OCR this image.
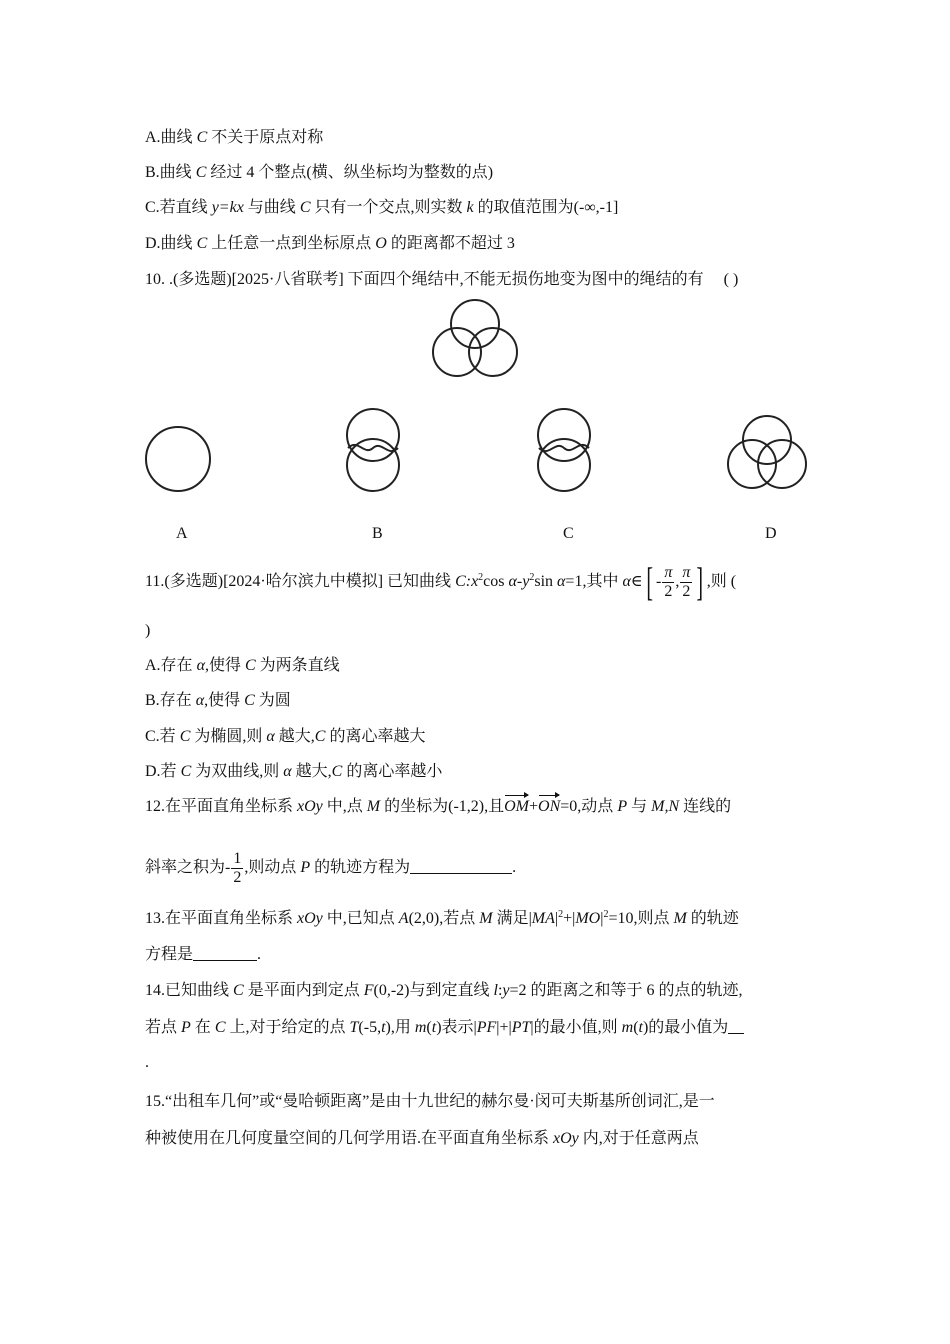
A.曲线 C 不关于原点对称
B.曲线 C 经过 4 个整点(横、纵坐标均为整数的点)
C.若直线 y=kx 与曲线 C 只有一个交点,则实数 k 的取值范围为(-∞,-1]
D.曲线 C 上任意一点到坐标原点 O 的距离都不超过 3
10. .(多选题)[2025·八省联考] 下面四个绳结中,不能无损伤地变为图中的绳结的有 ( )
A	B	C	D
11.(多选题)[2024·哈尔滨九中模拟] 已知曲线 $C:x^2\cos$ $\alpha-y^2\sin$ α=1,其中 α∈[ - $\frac{\pi}{2}$ , $\frac{\pi}{2}$ ] ,则 (
)
A.存在 α,使得 C 为两条直线
B.存在 α,使得 C 为圆
C.若 C 为椭圆,则 α 越大,C 的离心率越大
D.若 C 为双曲线,则 α 越大,C 的离心率越小
12.在平面直角坐标系 xOy 中,点 M 的坐标为(-1,2),且OM+ON=0,动点 P 与 M,N 连线的
斜率之积为- $\frac{1}{2}$ ,则动点 P 的轨迹方程为	.
13.在平面直角坐标系 xOy 中,已知点 A(2,0),若点 M 满足$|MA|^2+|MO|^2=10$,则点 M 的轨迹
方程是	.
14.已知曲线 C 是平面内到定点 F(0,-2)与到定直线 l:y=2 的距离之和等于 6 的点的轨迹,
若点 P 在 C 上,对于给定的点 T(-5,t),用 m(t)表示|PF|+|PT|的最小值,则 m(t)的最小值为
.
15.“出租车几何”或“曼哈顿距离”是由十九世纪的赫尔曼·闵可夫斯基所创词汇,是一
种被使用在几何度量空间的几何学用语.在平面直角坐标系 xOy 内,对于任意两点
